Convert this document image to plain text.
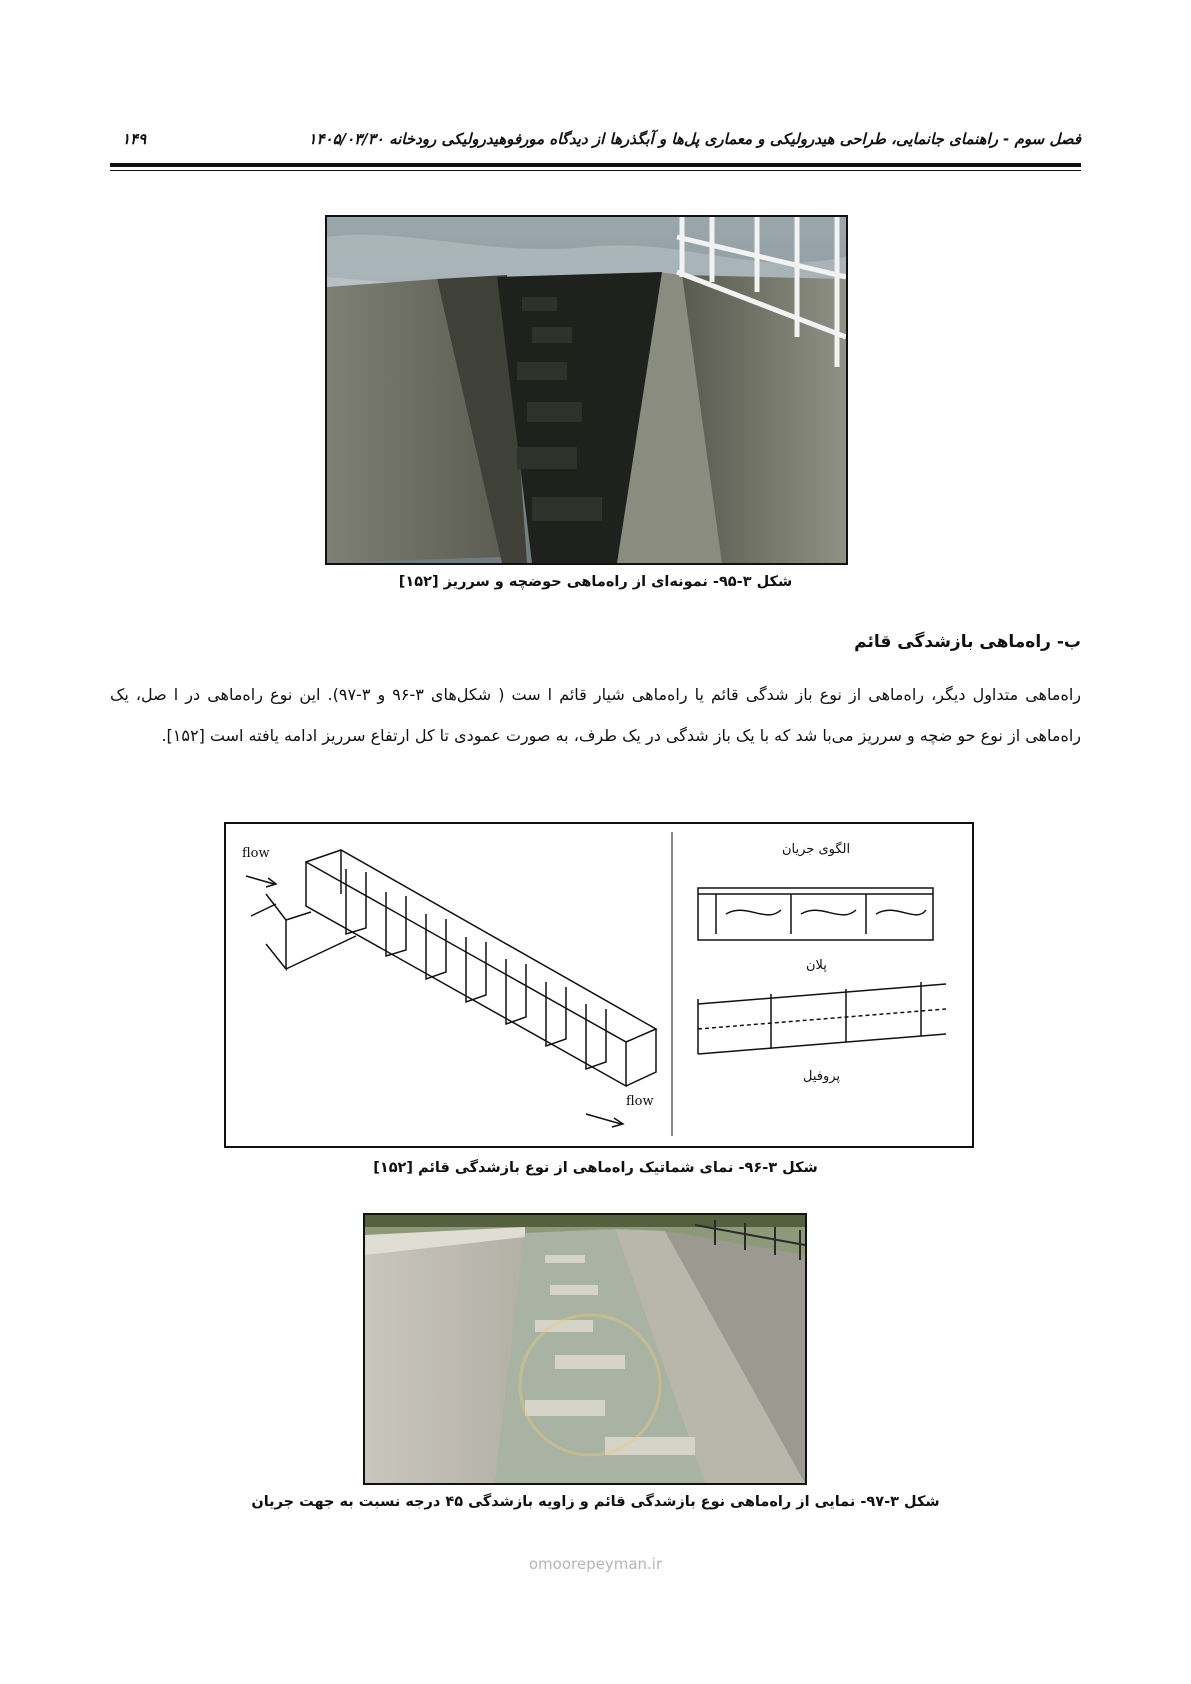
فصل سوم - راهنمای جانمایی، طراحی هیدرولیکی و معماری پل‌ها و آبگذرها از دیدگاه مورفوهیدرولیکی رودخانه ۱۴۰۵/۰۳/۳۰
۱۴۹
شکل ۳-۹۵- نمونه‌ای از راه‌ماهی حوضچه و سرریز [۱۵۲]
ب- راه‌ماهی بازشدگی قائم
راه‌ماهی متداول دیگر، راه‌ماهی از نوع باز شدگی قائم یا راه‌ماهی شیار قائم ا ست ( شکل‌های ۳-۹۶ و ۳-۹۷). این نوع راه‌ماهی در ا صل، یک راه‌ماهی از نوع حو ضچه و سرریز می‌با شد که با یک باز شدگی در یک طرف، به صورت عمودی تا کل ارتفاع سرریز ادامه یافته است [۱۵۲].
flow
flow
الگوی جریان
پلان
پروفیل
شکل ۳-۹۶- نمای شماتیک راه‌ماهی از نوع بازشدگی قائم [۱۵۲]
شکل ۳-۹۷- نمایی از راه‌ماهی نوع بازشدگی قائم و زاویه بازشدگی ۴۵ درجه نسبت به جهت جریان
omoorepeyman.ir
